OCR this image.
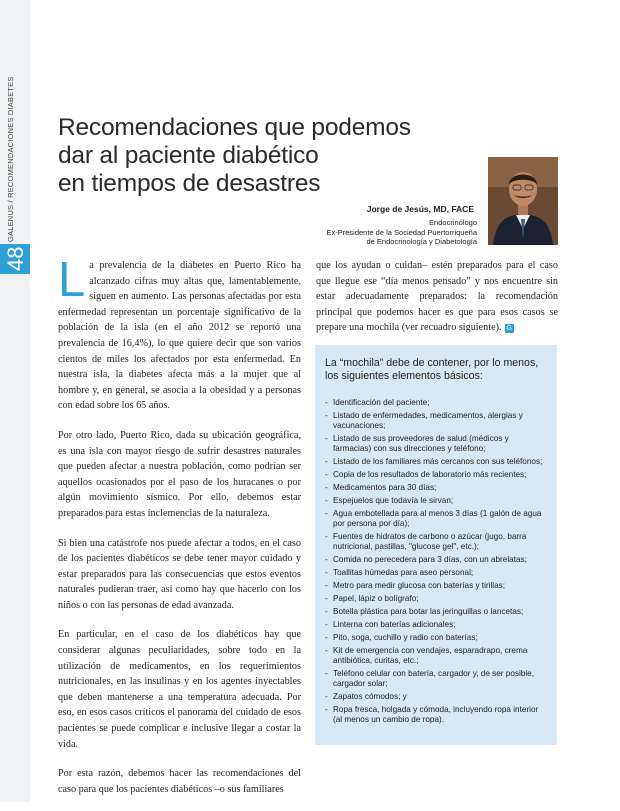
GALENUS / RECOMENDACIONES DIABETES
48
Recomendaciones que podemos
dar al paciente diabético
en tiempos de desastres
Jorge de Jesús, MD, FACE
Endocrinólogo
Ex-Presidente de la Sociedad Puertorriqueña
de Endocrinología y Diabetología

La prevalencia de la diabetes en Puerto Rico ha alcanzado cifras muy altas que, lamentablemente, siguen en aumento. Las personas afectadas por esta enfermedad representan un porcentaje significativo de la población de la isla (en el año 2012 se reportó una prevalencia de 16,4%), lo que quiere decir que son varios cientos de miles los afectados por esta enfermedad. En nuestra isla, la diabetes afecta más a la mujer que al hombre y, en general, se asocia a la obesidad y a personas con edad sobre los 65 años.

Por otro lado, Puerto Rico, dada su ubicación geográfica, es una isla con mayor riesgo de sufrir desastres naturales que pueden afectar a nuestra población, como podrían ser aquellos ocasionados por el paso de los huracanes o por algún movimiento sísmico. Por ello, debemos estar preparados para estas inclemencias de la naturaleza.

Si bien una catástrofe nos puede afectar a todos, en el caso de los pacientes diabéticos se debe tener mayor cuidado y estar preparados para las consecuencias que estos eventos naturales pudieran traer, así como hay que hacerlo con los niños o con las personas de edad avanzada.

En particular, en el caso de los diabéticos hay que considerar algunas peculiaridades, sobre todo en la utilización de medicamentos, en los requerimientos nutricionales, en las insulinas y en los agentes inyectables que deben mantenerse a una temperatura adecuada. Por eso, en esos casos críticos el panorama del cuidado de esos pacientes se puede complicar e inclusive llegar a costar la vida.

Por esta razón, debemos hacer las recomendaciones del caso para que los pacientes diabéticos –o sus familiares

que los ayudan o cuidan– estén preparados para el caso que llegue ese “día menos pensado” y nos encuentre sin estar adecuadamente preparados: la recomendación principal que podemos hacer es que para esos casos se prepare una mochila (ver recuadro siguiente). G

La “mochila” debe de contener, por lo menos, los siguientes elementos básicos:

- Identificación del paciente;
- Listado de enfermedades, medicamentos, alergias y vacunaciones;
- Listado de sus proveedores de salud (médicos y farmacias) con sus direcciones y teléfono;
- Listado de los familiares más cercanos con sus teléfonos;
- Copia de los resultados de laboratorio más recientes;
- Medicamentos para 30 días;
- Espejuelos que todavía le sirvan;
- Agua embotellada para al menos 3 días (1 galón de agua por persona por día);
- Fuentes de hidratos de carbono o azúcar (jugo, barra nutricional, pastillas, "glucose gel", etc.);
- Comida no perecedera para 3 días, con un abrelatas;
- Toallitas húmedas para aseo personal;
- Metro para medir glucosa con baterías y tirillas;
- Papel, lápiz o bolígrafo;
- Botella plástica para botar las jeringuillas o lancetas;
- Linterna con baterías adicionales;
- Pito, soga, cuchillo y radio con baterías;
- Kit de emergencia con vendajes, esparadrapo, crema antibiótica, curitas, etc.;
- Teléfono celular con batería, cargador y, de ser posible, cargador solar;
- Zapatos cómodos; y
- Ropa fresca, holgada y cómoda, incluyendo ropa interior (al menos un cambio de ropa).
